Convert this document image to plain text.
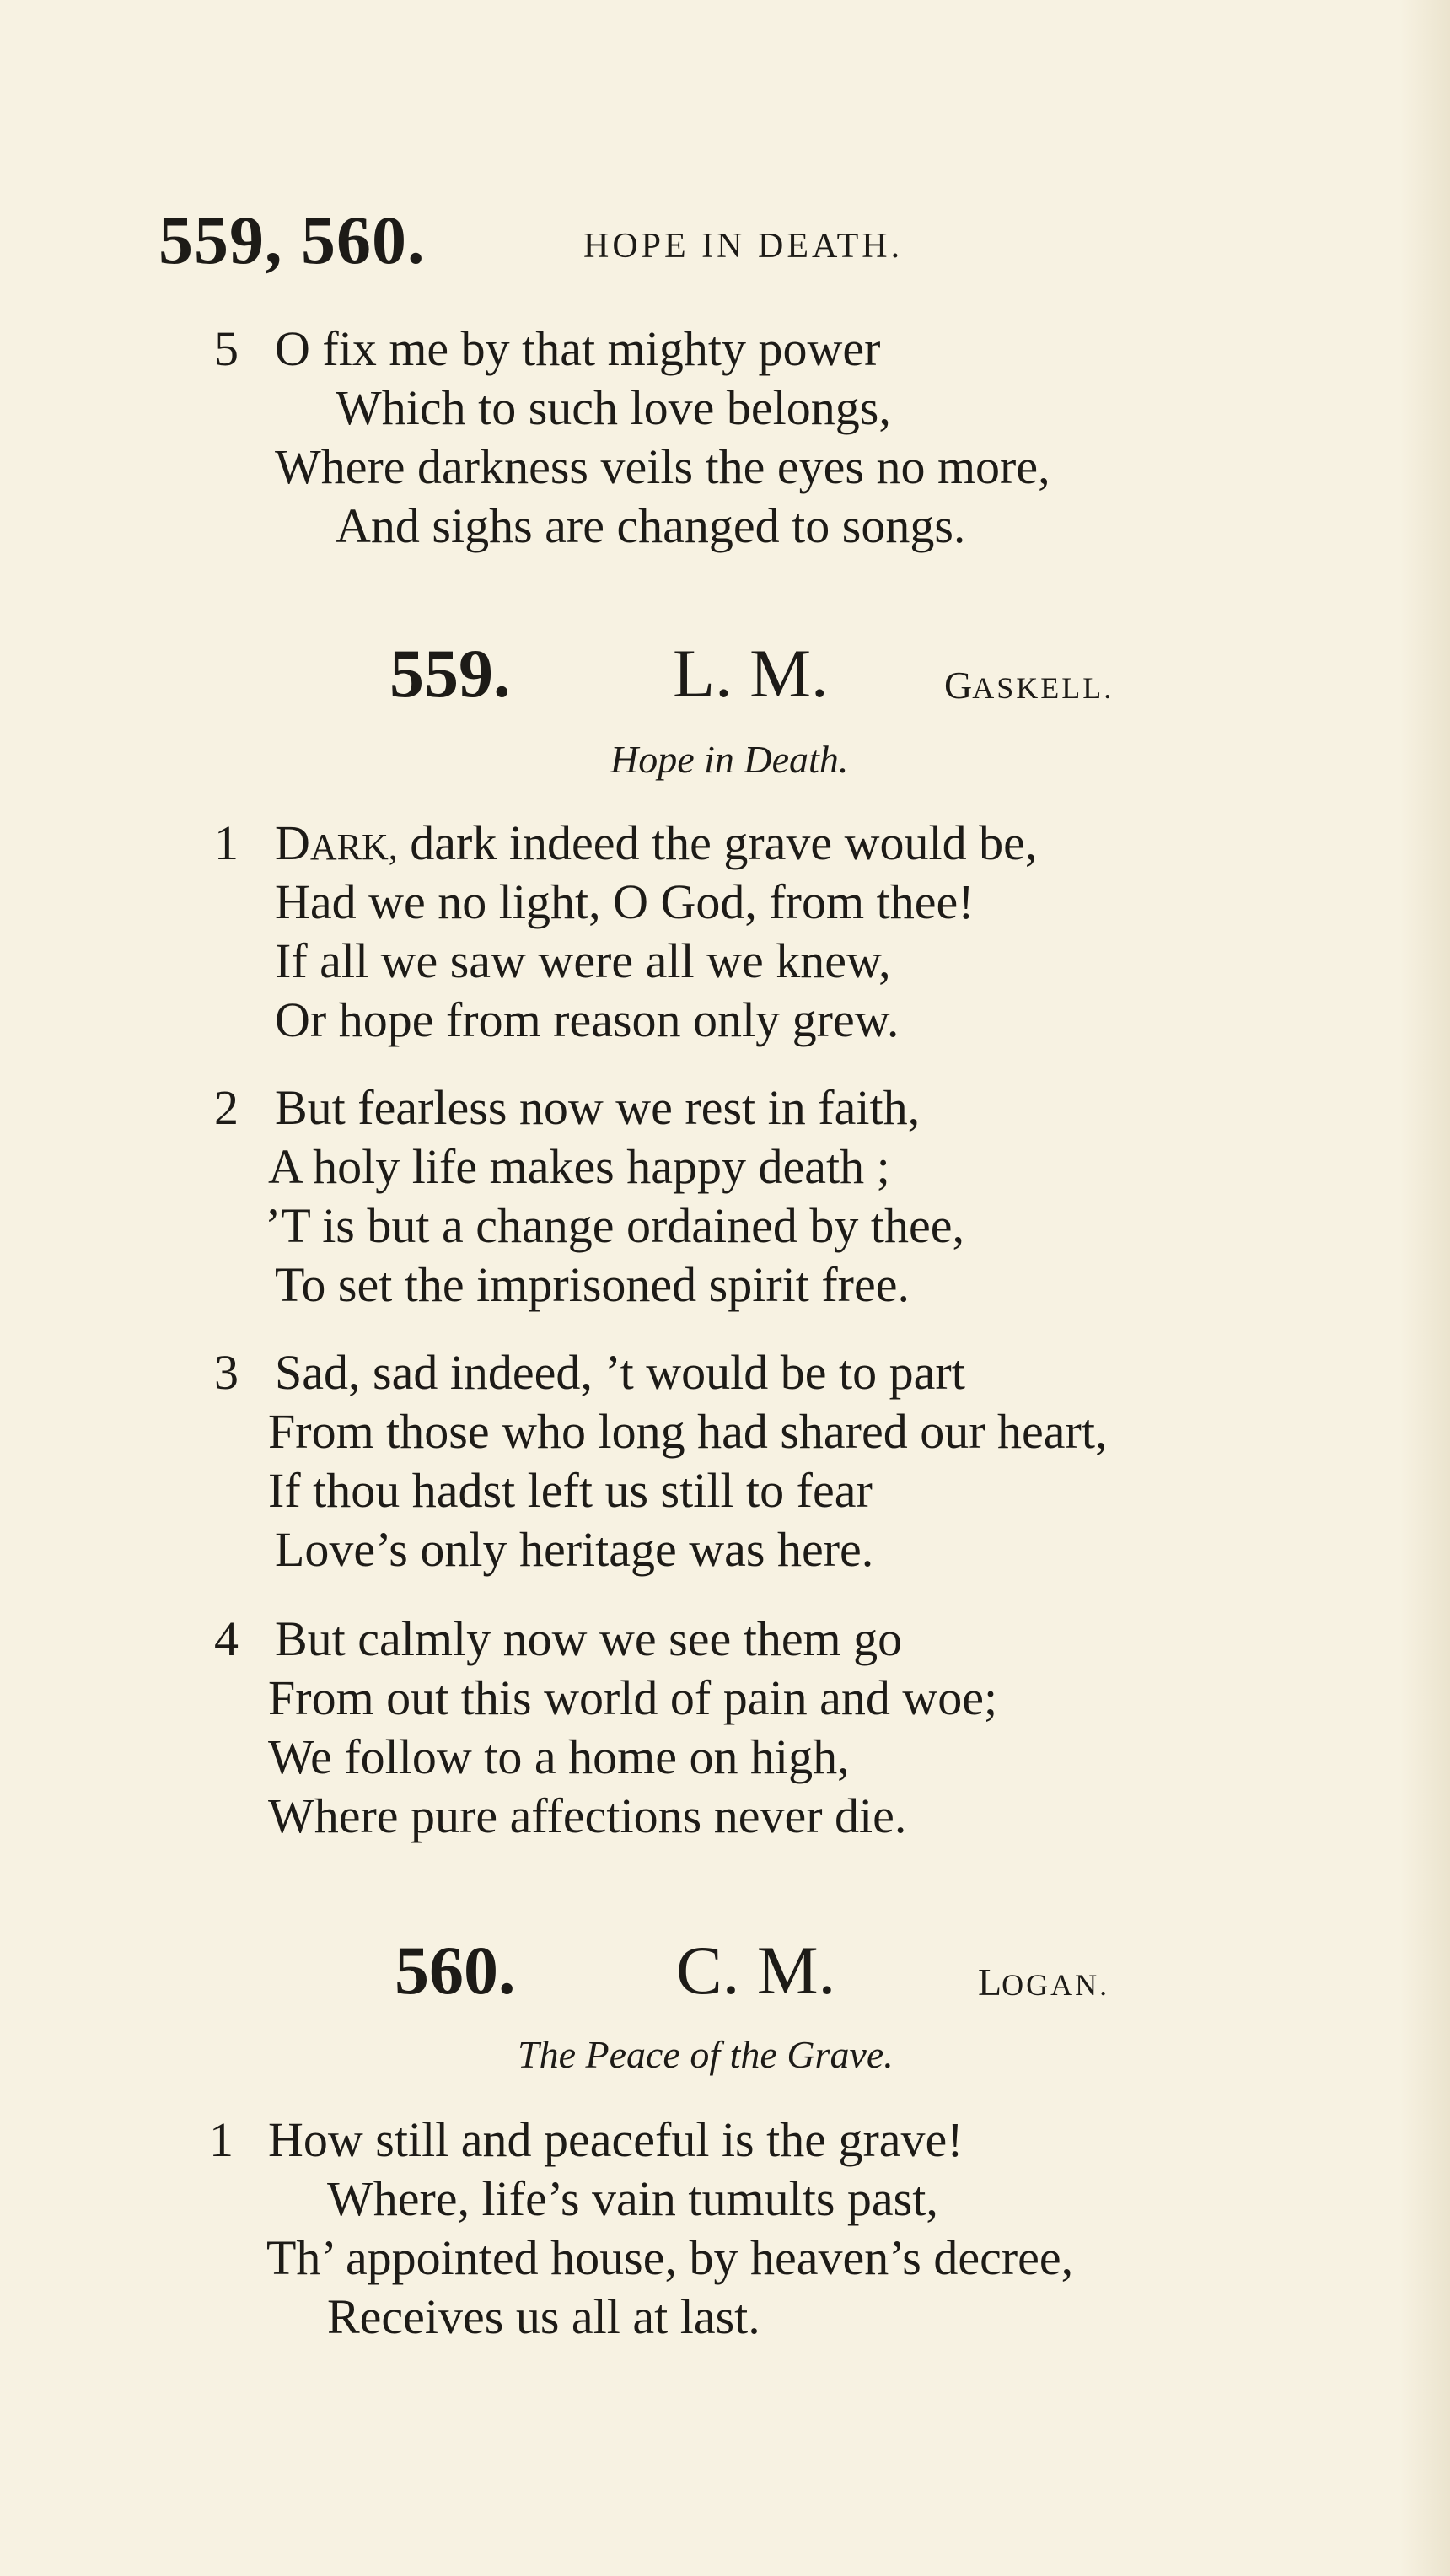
559, 560.	HOPE IN DEATH.
5 O fix me by that mighty power
Which to such love belongs,
Where darkness veils the eyes no more,
And sighs are changed to songs.
559. L. M.	GASKELL.
Hope in Death.
1 DARK, dark indeed the grave would be,
Had we no light, O God, from thee!
If all we saw were all we knew,
Or hope from reason only grew.
2 But fearless now we rest in faith,
A holy life makes happy death ;
’T is but a change ordained by thee,
To set the imprisoned spirit free.
3 Sad, sad indeed, ’t would be to part
From those who long had shared our heart,
If thou hadst left us still to fear
Love’s only heritage was here.
4 But calmly now we see them go
From out this world of pain and woe;
We follow to a home on high,
Where pure affections never die.
560. C. M.	LOGAN.
The Peace of the Grave.
1 How still and peaceful is the grave!
Where, life’s vain tumults past,
Th’ appointed house, by heaven’s decree,
Receives us all at last.
